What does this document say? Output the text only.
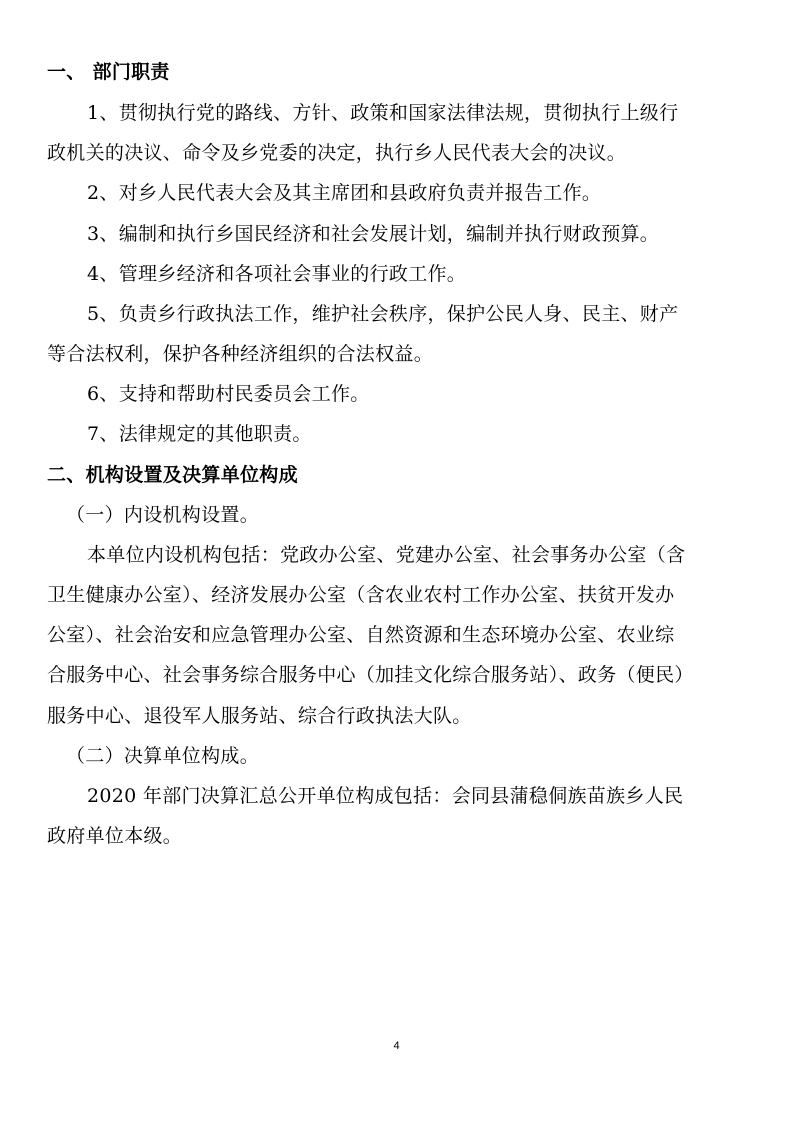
一、 部门职责
1、贯彻执行党的路线、方针、政策和国家法律法规，贯彻执行上级行
政机关的决议、命令及乡党委的决定，执行乡人民代表大会的决议。
2、对乡人民代表大会及其主席团和县政府负责并报告工作。
3、编制和执行乡国民经济和社会发展计划，编制并执行财政预算。
4、管理乡经济和各项社会事业的行政工作。
5、负责乡行政执法工作，维护社会秩序，保护公民人身、民主、财产
等合法权利，保护各种经济组织的合法权益。
6、支持和帮助村民委员会工作。
7、法律规定的其他职责。
二、机构设置及决算单位构成
（一）内设机构设置。
本单位内设机构包括：党政办公室、党建办公室、社会事务办公室（含
卫生健康办公室）、经济发展办公室（含农业农村工作办公室、扶贫开发办
公室）、社会治安和应急管理办公室、自然资源和生态环境办公室、农业综
合服务中心、社会事务综合服务中心（加挂文化综合服务站）、政务（便民）
服务中心、退役军人服务站、综合行政执法大队。
（二）决算单位构成。
2020 年部门决算汇总公开单位构成包括：会同县蒲稳侗族苗族乡人民
政府单位本级。
4
